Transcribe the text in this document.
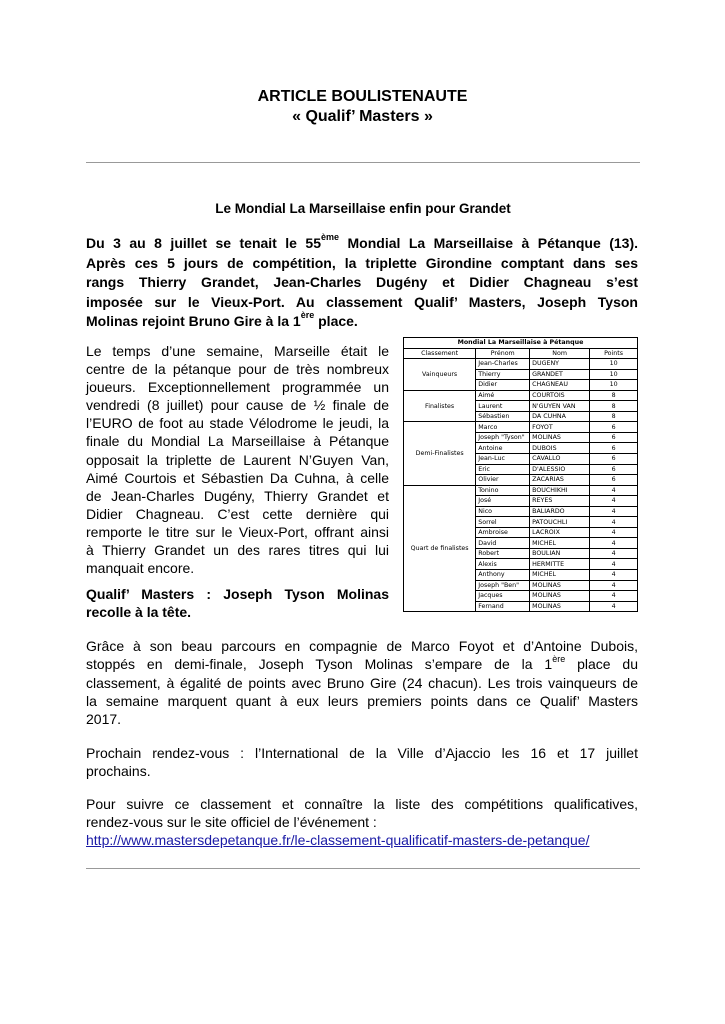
ARTICLE BOULISTENAUTE
« Qualif’ Masters »
Le Mondial La Marseillaise enfin pour Grandet
Du 3 au 8 juillet se tenait le 55ème Mondial La Marseillaise à Pétanque (13).
Après ces 5 jours de compétition, la triplette Girondine comptant dans ses
rangs Thierry Grandet, Jean-Charles Dugény et Didier Chagneau s’est
imposée sur le Vieux-Port. Au classement Qualif’ Masters, Joseph Tyson
Molinas rejoint Bruno Gire à la 1ère place.
Le temps d’une semaine, Marseille était le
centre de la pétanque pour de très nombreux
joueurs. Exceptionnellement programmée un
vendredi (8 juillet) pour cause de ½ finale de
l’EURO de foot au stade Vélodrome le jeudi, la
finale du Mondial La Marseillaise à Pétanque
opposait la triplette de Laurent N’Guyen Van,
Aimé Courtois et Sébastien Da Cuhna, à celle
de Jean-Charles Dugény, Thierry Grandet et
Didier Chagneau. C’est cette dernière qui
remporte le titre sur le Vieux-Port, offrant ainsi
à Thierry Grandet un des rares titres qui lui
manquait encore.
Qualif’ Masters : Joseph Tyson Molinas
recolle à la tête.
Mondial La Marseillaise à Pétanque			
Classement	Prénom	Nom	Points
Vainqueurs	Jean-Charles	DUGENY	10
	Thierry	GRANDET	10
	Didier	CHAGNEAU	10
Finalistes	Aimé	COURTOIS	8
	Laurent	N'GUYEN VAN	8
	Sébastien	DA CUHNA	8
Demi-Finalistes	Marco	FOYOT	6
	Joseph "Tyson"	MOLINAS	6
	Antoine	DUBOIS	6
	Jean-Luc	CAVALLO	6
	Eric	D'ALESSIO	6
	Olivier	ZACARIAS	6
Quart de finalistes	Tonino	BOUCHIKHI	4
	José	REYES	4
	Nico	BALIARDO	4
	Sorrel	PATOUCHLI	4
	Ambroise	LACROIX	4
	David	MICHEL	4
	Robert	BOULIAN	4
	Alexis	HERMITTE	4
	Anthony	MICHEL	4
	Joseph "Ben"	MOLINAS	4
	Jacques	MOLINAS	4
	Fernand	MOLINAS	4
Grâce à son beau parcours en compagnie de Marco Foyot et d’Antoine Dubois,
stoppés en demi-finale, Joseph Tyson Molinas s’empare de la 1ère place du
classement, à égalité de points avec Bruno Gire (24 chacun). Les trois vainqueurs de
la semaine marquent quant à eux leurs premiers points dans ce Qualif’ Masters
2017.
Prochain rendez-vous : l’International de la Ville d’Ajaccio les 16 et 17 juillet
prochains.
Pour suivre ce classement et connaître la liste des compétitions qualificatives,
rendez-vous sur le site officiel de l’événement :
http://www.mastersdepetanque.fr/le-classement-qualificatif-masters-de-petanque/
